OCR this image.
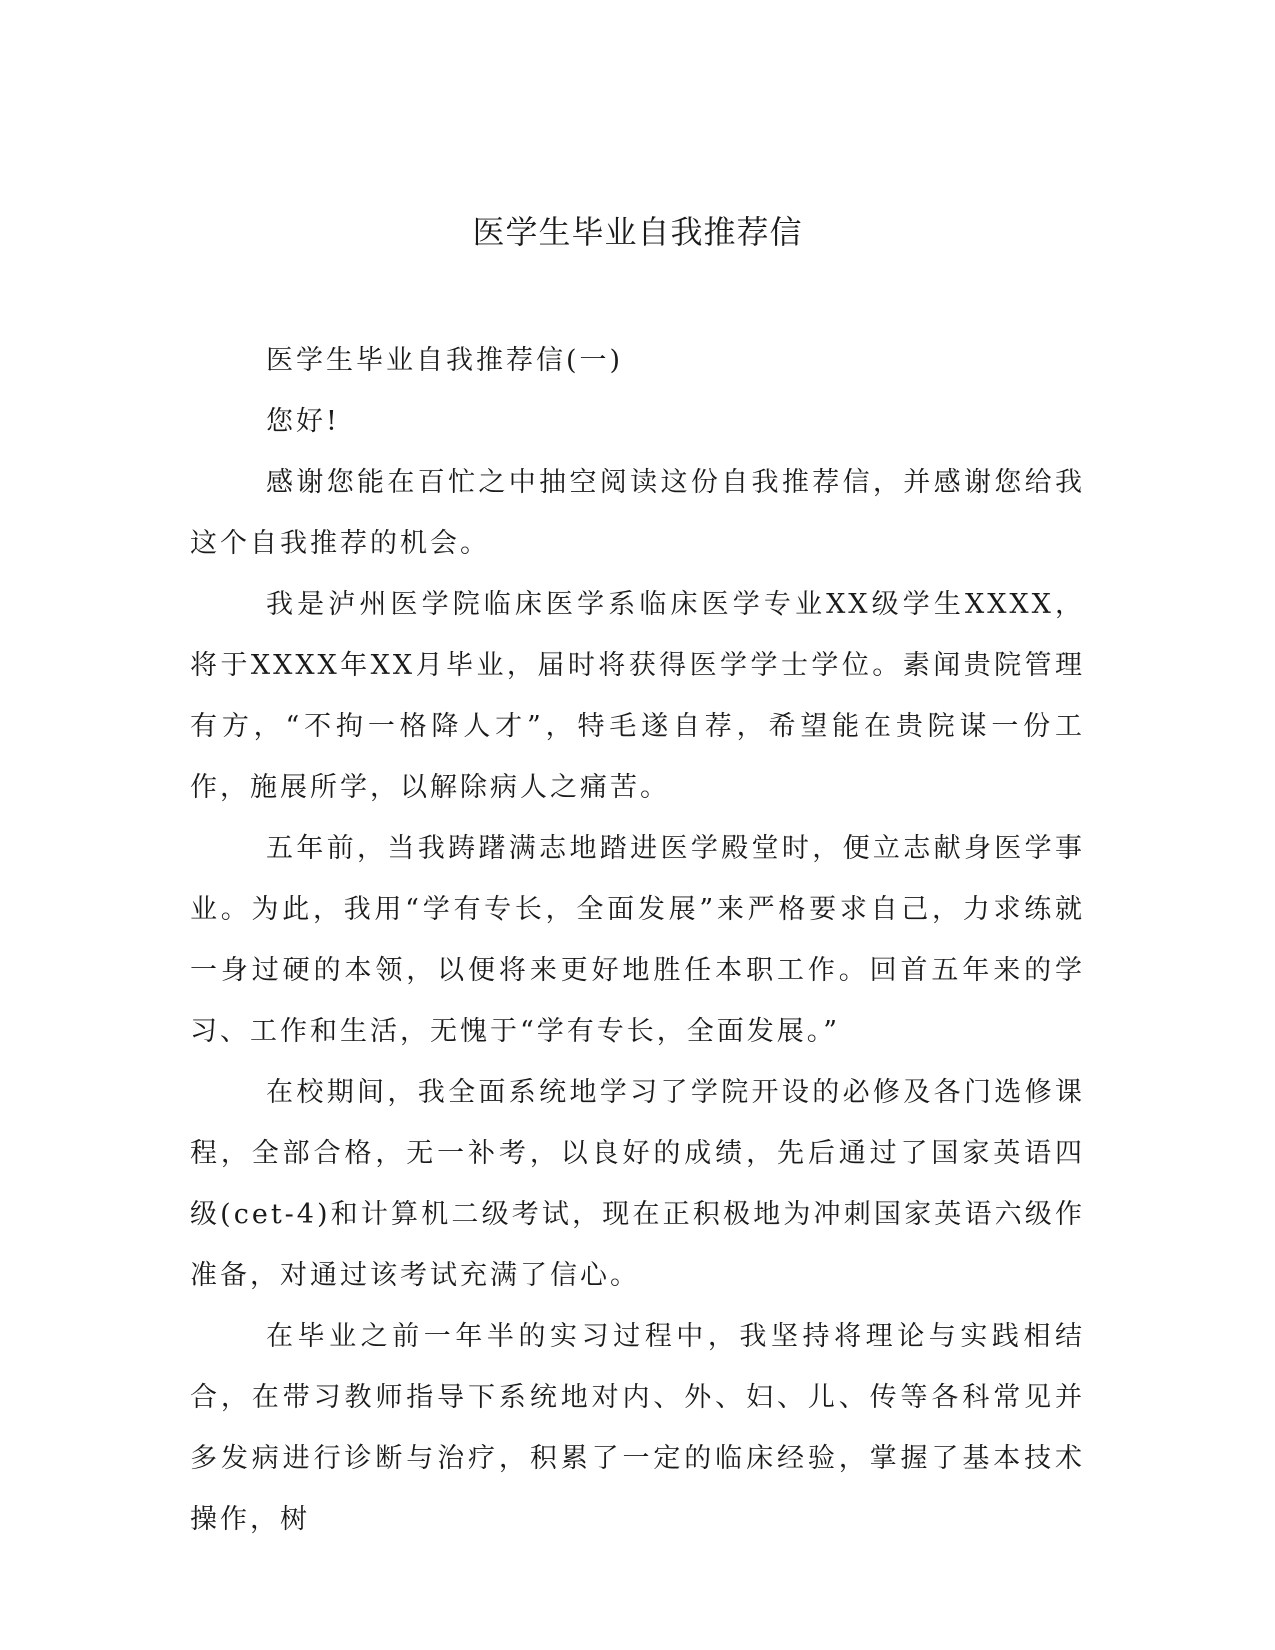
医学生毕业自我推荐信

医学生毕业自我推荐信(一)

您好!

感谢您能在百忙之中抽空阅读这份自我推荐信，并感谢您给我这个自我推荐的机会。

我是泸州医学院临床医学系临床医学专业XX级学生XXXX，将于XXXX年XX月毕业，届时将获得医学学士学位。素闻贵院管理有方，“不拘一格降人才”，特毛遂自荐，希望能在贵院谋一份工作，施展所学，以解除病人之痛苦。

五年前，当我踌躇满志地踏进医学殿堂时，便立志献身医学事业。为此，我用“学有专长，全面发展”来严格要求自己，力求练就一身过硬的本领，以便将来更好地胜任本职工作。回首五年来的学习、工作和生活，无愧于“学有专长，全面发展。”

在校期间，我全面系统地学习了学院开设的必修及各门选修课程，全部合格，无一补考，以良好的成绩，先后通过了国家英语四级(cet-4)和计算机二级考试，现在正积极地为冲刺国家英语六级作准备，对通过该考试充满了信心。

在毕业之前一年半的实习过程中，我坚持将理论与实践相结合，在带习教师指导下系统地对内、外、妇、儿、传等各科常见并多发病进行诊断与治疗，积累了一定的临床经验，掌握了基本技术操作，树
